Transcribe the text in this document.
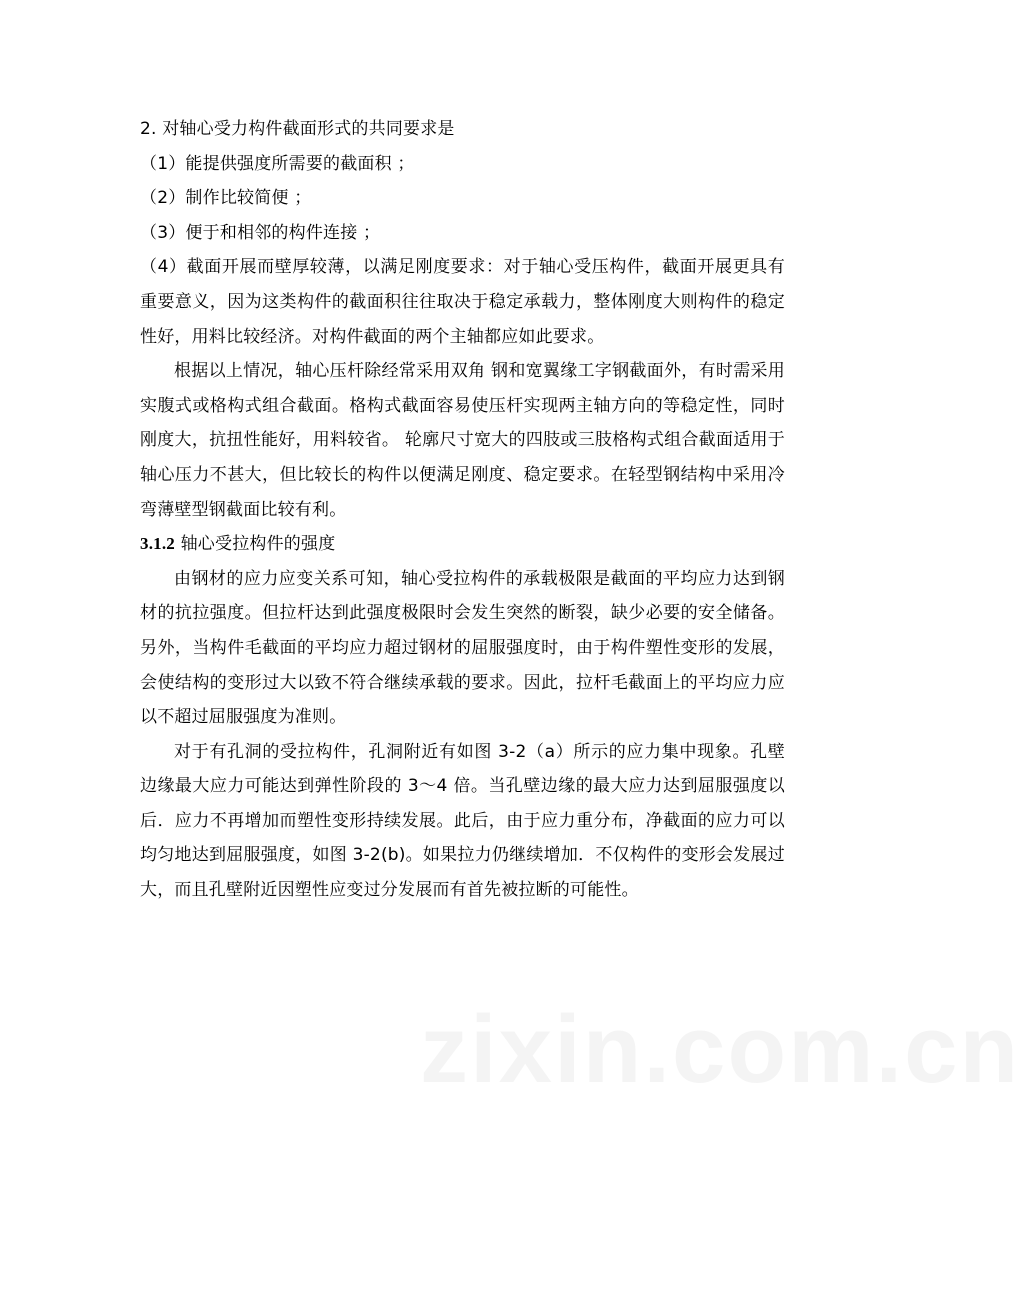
2. 对轴心受力构件截面形式的共同要求是

（1）能提供强度所需要的截面积 ；

（2）制作比较简便 ；

（3）便于和相邻的构件连接 ；

（4）截面开展而壁厚较薄，以满足刚度要求：对于轴心受压构件，截面开展更具有重要意义，因为这类构件的截面积往往取决于稳定承载力，整体刚度大则构件的稳定性好，用料比较经济。对构件截面的两个主轴都应如此要求。

根据以上情况，轴心压杆除经常采用双角 钢和宽翼缘工字钢截面外，有时需采用实腹式或格构式组合截面。格构式截面容易使压杆实现两主轴方向的等稳定性，同时刚度大，抗扭性能好，用料较省。 轮廓尺寸宽大的四肢或三肢格构式组合截面适用于轴心压力不甚大，但比较长的构件以便满足刚度、稳定要求。在轻型钢结构中采用冷弯薄壁型钢截面比较有利。

3.1.2 轴心受拉构件的强度

由钢材的应力应变关系可知，轴心受拉构件的承载极限是截面的平均应力达到钢材的抗拉强度。但拉杆达到此强度极限时会发生突然的断裂，缺少必要的安全储备。另外，当构件毛截面的平均应力超过钢材的屈服强度时，由于构件塑性变形的发展，会使结构的变形过大以致不符合继续承载的要求。因此，拉杆毛截面上的平均应力应以不超过屈服强度为准则。

对于有孔洞的受拉构件，孔洞附近有如图 3-2（a）所示的应力集中现象。孔壁边缘最大应力可能达到弹性阶段的 3～4 倍。当孔壁边缘的最大应力达到屈服强度以后．应力不再增加而塑性变形持续发展。此后，由于应力重分布，净截面的应力可以均匀地达到屈服强度，如图 3-2(b)。如果拉力仍继续增加．不仅构件的变形会发展过大，而且孔壁附近因塑性应变过分发展而有首先被拉断的可能性。

zixin.com.cn
